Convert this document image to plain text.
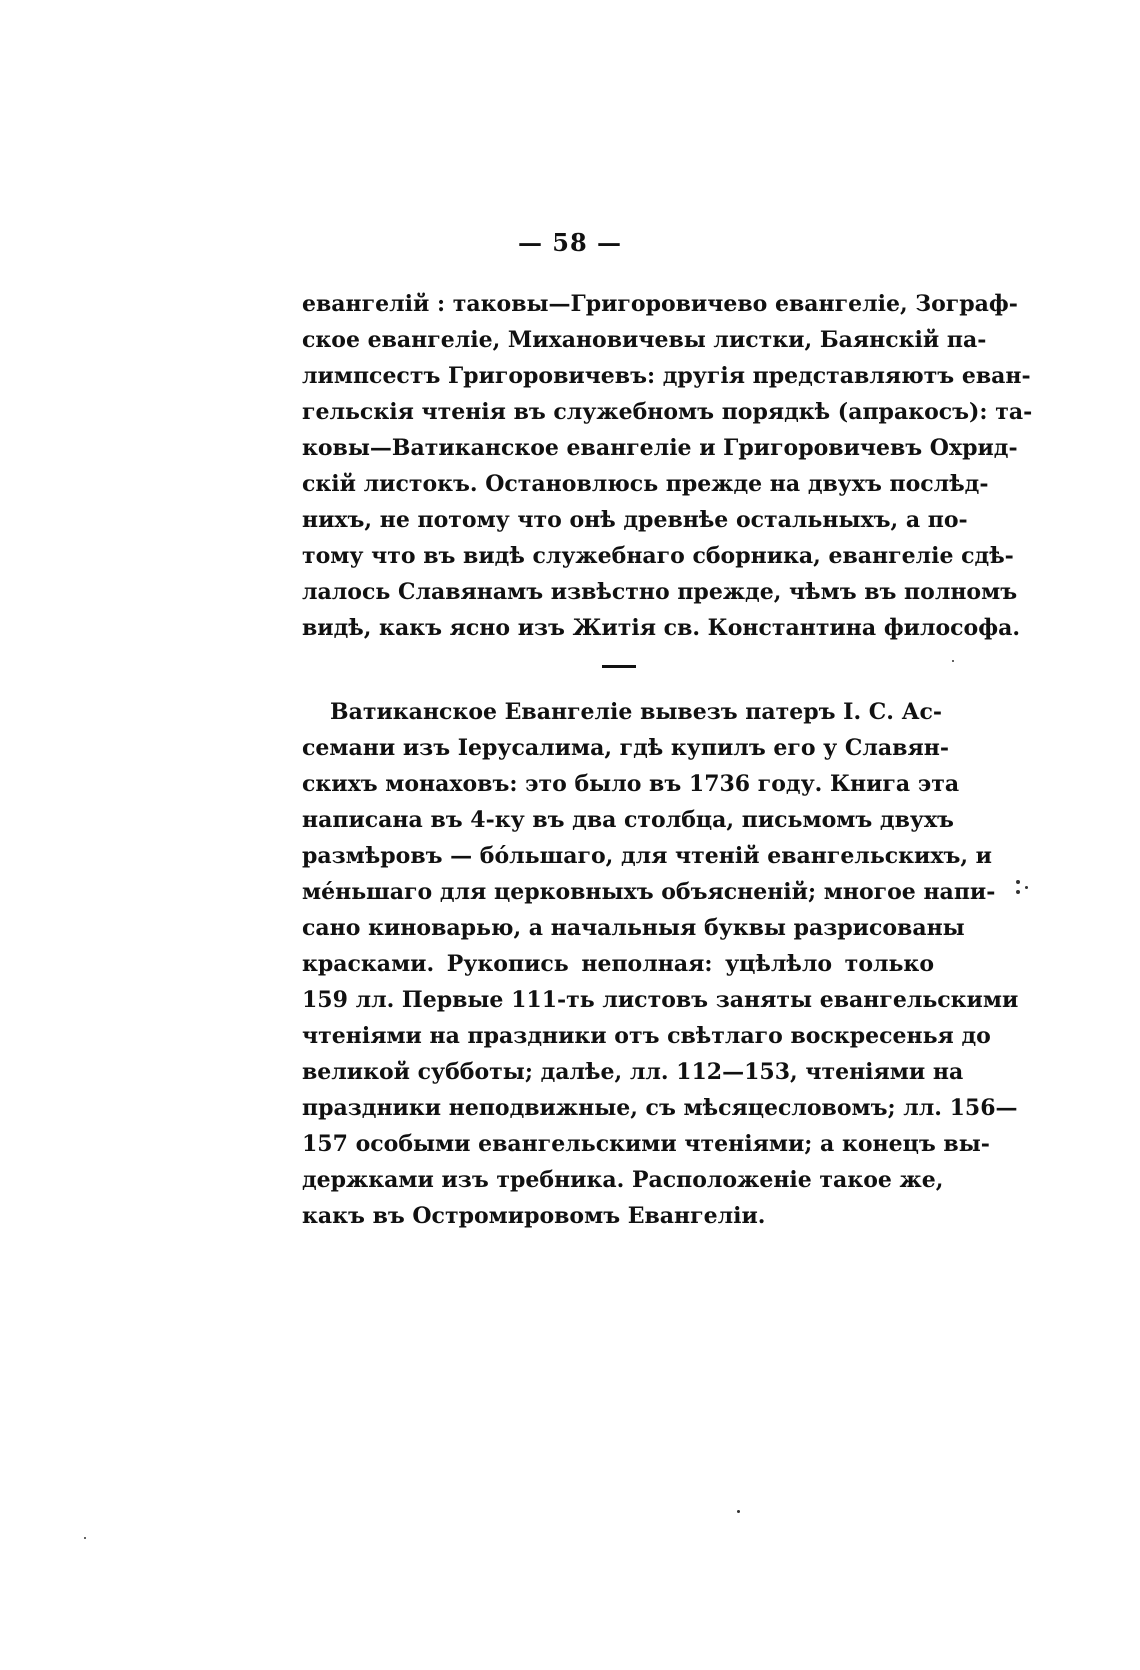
— 58 —
евангелій : таковы—Григоровичево евангеліе, Зограф-
ское евангеліе, Михановичевы листки, Баянскій па-
лимпсестъ Григоровичевъ: другія представляютъ еван-
гельскія чтенія въ служебномъ порядкѣ (апракосъ): та-
ковы—Ватиканское евангеліе и Григоровичевъ Охрид-
скій листокъ. Остановлюсь прежде на двухъ послѣд-
нихъ, не потому что онѣ древнѣе остальныхъ, а по-
тому что въ видѣ служебнаго сборника, евангеліе сдѣ-
лалось Славянамъ извѣстно прежде, чѣмъ въ полномъ
видѣ, какъ ясно изъ Житія св. Константина философа.
Ватиканское Евангеліе вывезъ патеръ І. С. Ас-
семани изъ Іерусалима, гдѣ купилъ его у Славян-
скихъ монаховъ: это было въ 1736 году. Книга эта
написана въ 4-ку въ два столбца, письмомъ двухъ
размѣровъ — бóльшаго, для чтеній евангельскихъ, и
мéньшаго для церковныхъ объясненій; многое напи-
сано киноварью, а начальныя буквы разрисованы
красками. Рукопись неполная: уцѣлѣло только
159 лл. Первые 111-ть листовъ заняты евангельскими
чтеніями на праздники отъ свѣтлаго воскресенья до
великой субботы; далѣе, лл. 112—153, чтеніями на
праздники неподвижные, съ мѣсяцесловомъ; лл. 156—
157 особыми евангельскими чтеніями; а конецъ вы-
держками изъ требника. Расположеніе такое же,
какъ въ Остромировомъ Евангеліи.
